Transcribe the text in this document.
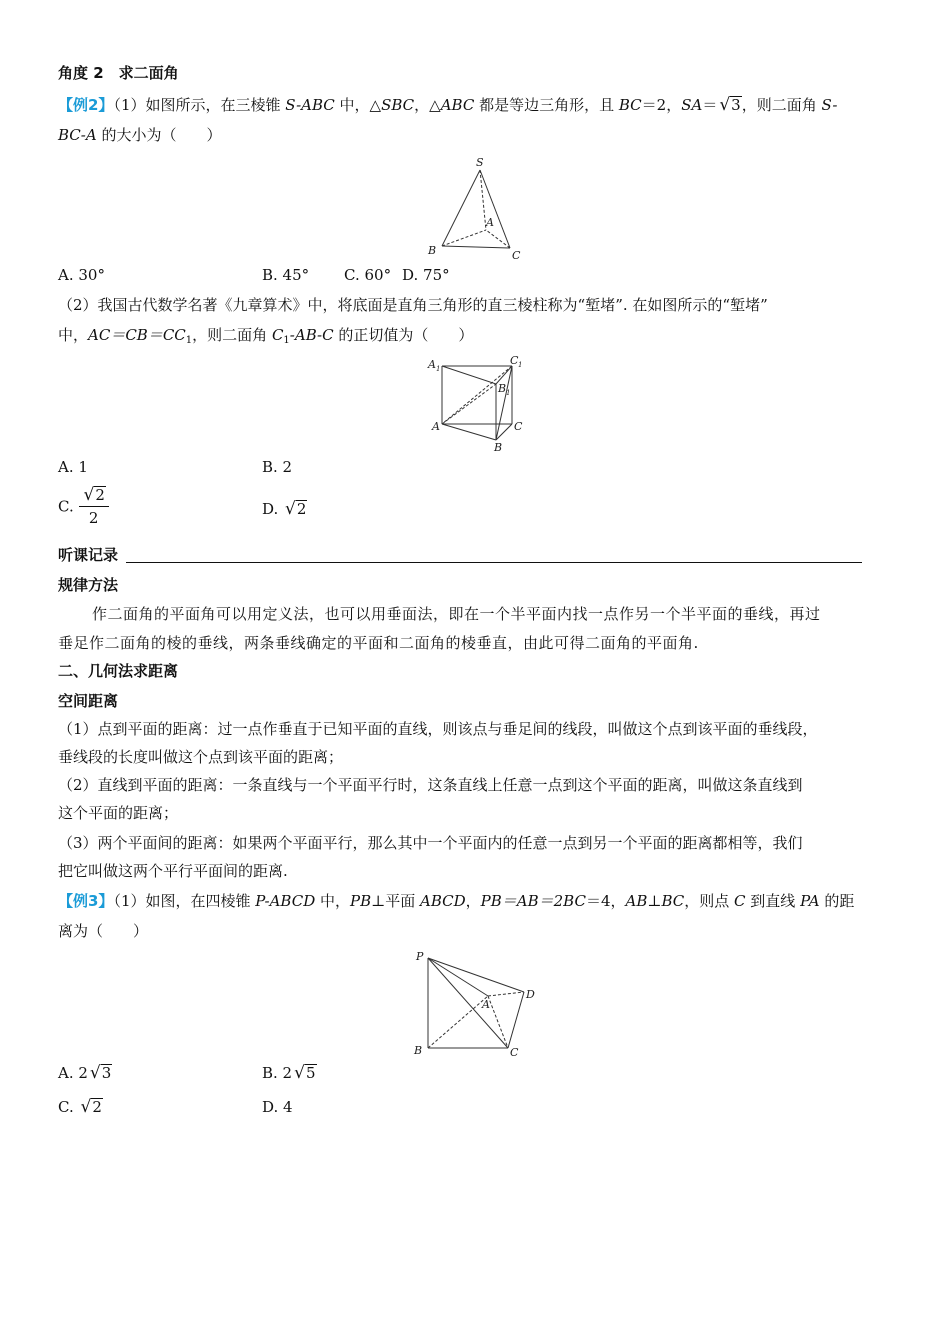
角度 2　求二面角
【例2】（1）如图所示，在三棱锥 S-ABC 中，△SBC，△ABC 都是等边三角形，且 BC＝2，SA＝ √3，则二面角 S-
BC-A 的大小为（　　）
S
A
B	C
A. 30°	B. 45° C. 60° D. 75°
（2）我国古代数学名著《九章算术》中，将底面是直角三角形的直三棱柱称为“堑堵”. 在如图所示的“堑堵”
中，$AC=CB=CC_1$，则二面角 $C_1-AB-C$ 的正切值为（　　）
A 1
C 1
B 1
A	C
B
A. 1	B. 2
C. $\frac{√2}{2}$	D. √2
听课记录
规律方法
作二面角的平面角可以用定义法，也可以用垂面法，即在一个半平面内找一点作另一个半平面的垂线，再过
垂足作二面角的棱的垂线，两条垂线确定的平面和二面角的棱垂直，由此可得二面角的平面角.
二、几何法求距离
空间距离
（1）点到平面的距离：过一点作垂直于已知平面的直线，则该点与垂足间的线段，叫做这个点到该平面的垂线段，
垂线段的长度叫做这个点到该平面的距离；
（2）直线到平面的距离：一条直线与一个平面平行时，这条直线上任意一点到这个平面的距离，叫做这条直线到
这个平面的距离；
（3）两个平面间的距离：如果两个平面平行，那么其中一个平面内的任意一点到另一个平面的距离都相等，我们
把它叫做这两个平行平面间的距离.
【例3】（1）如图，在四棱锥 P-ABCD 中，PB⊥平面 ABCD，PB＝AB＝2BC＝4，AB⊥BC，则点 C 到直线 PA 的距
离为（　　）
P
A
B	C
D
A. 2 √3	B. 2 √5
C. √2	D. 4
